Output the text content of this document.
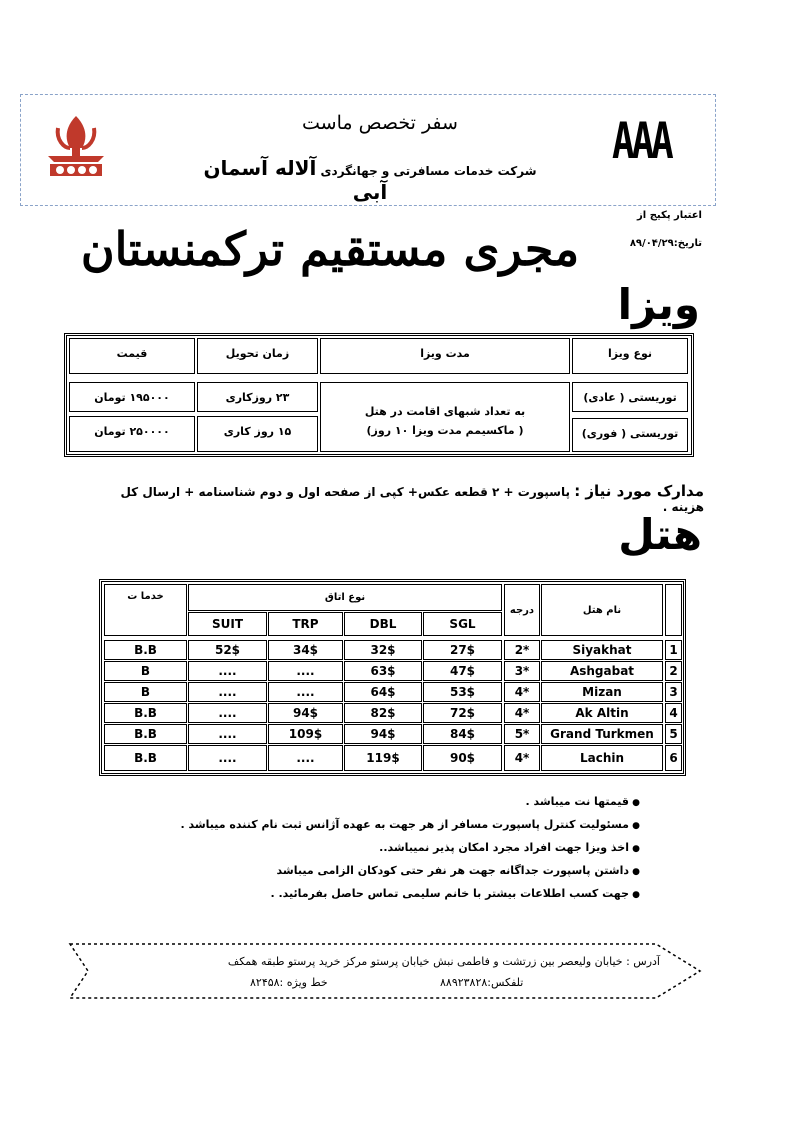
سفر تخصص ماست
شرکت خدمات مسافرتی و جهانگردی آلاله آسمان آبی
AAA
اعتبار پکیج از
تاریخ:۸۹/۰۴/۲۹
مجری مستقیم ترکمنستان
ویزا
نوع ویزا
مدت ویزا
زمان تحویل
قیمت
توریستی ( عادی)
۲۳ روزکاری
۱۹۵۰۰۰ تومان
به تعداد شبهای اقامت در هتل
( ماکسیمم مدت ویزا ۱۰ روز)	توریستی ( فوری)
۱۵ روز کاری
۲۵۰۰۰۰ تومان
مدارک مورد نیاز : پاسپورت + ۲ قطعه عکس+ کپی از صفحه اول و دوم شناسنامه + ارسال کل هزینه .
هتل
نام هتل
درجه
نوع اتاق
SGL
DBL
TRP
SUIT
خدما ت
1
Siyakhat
2*
27$
32$
34$
52$
B.B
2
Ashgabat
3*
47$
63$
....
....
B
3
Mizan
4*
53$
64$
....
....
B
4
Ak Altin
4*
72$
82$
94$
....
B.B
5
Grand Turkmen
5*
84$
94$
109$
....
B.B
6
Lachin
4*
90$
119$
....
....
B.B
● قیمتها نت میباشد .
● مسئولیت کنترل پاسپورت مسافر از هر جهت به عهده آژانس ثبت نام کننده میباشد .
● اخذ ویزا جهت افراد مجرد امکان پذیر نمیباشد..
● داشتن پاسپورت جداگانه جهت هر نفر حتی کودکان الزامی میباشد
● جهت کسب اطلاعات بیشتر با خانم سلیمی تماس حاصل بفرمائید. .
آدرس : خیابان ولیعصر بین زرتشت و فاطمی نبش خیابان پرستو مرکز خرید پرستو طبقه همکف
تلفکس:۸۸۹۲۳۸۲۸
خط ویژه :۸۲۴۵۸
